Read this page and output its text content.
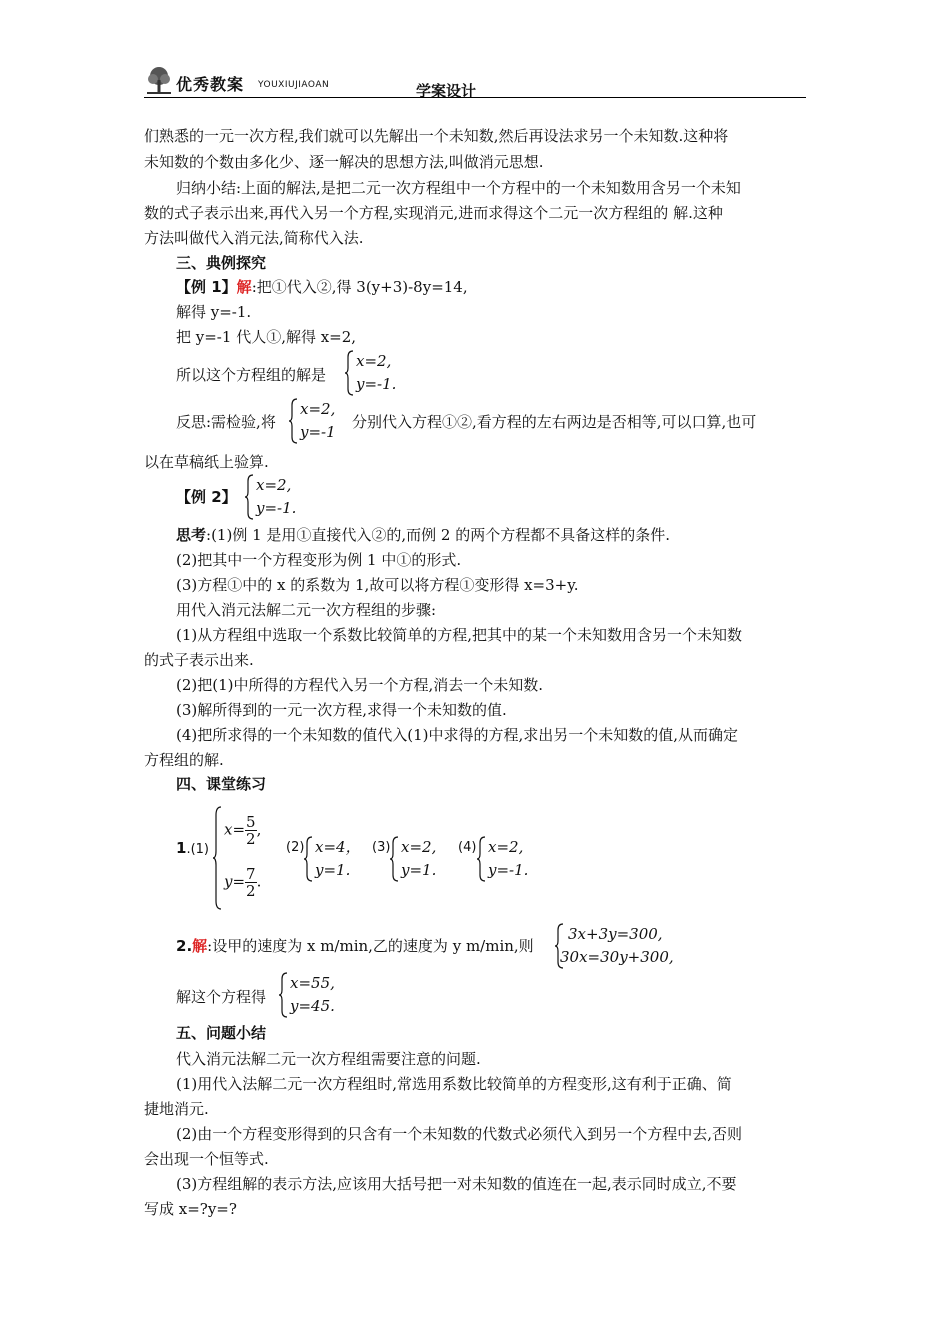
优秀教案 YOUXIUJIAOAN	学案设计
们熟悉的一元一次方程,我们就可以先解出一个未知数,然后再设法求另一个未知数.这种将
未知数的个数由多化少、逐一解决的思想方法,叫做消元思想.
归纳小结:上面的解法,是把二元一次方程组中一个方程中的一个未知数用含另一个未知
数的式子表示出来,再代入另一个方程,实现消元,进而求得这个二元一次方程组的 解.这种
方法叫做代入消元法,简称代入法.
三、典例探究
【例 1】解:把①代入②,得 3(y+3)-8y=14,
解得 y=-1.
把 y=-1 代人①,解得 x=2,
所以这个方程组的解是
x=2,
y=-1.
反思:需检验,将
x=2,
y=-1
分别代入方程①②,看方程的左右两边是否相等,可以口算,也可
以在草稿纸上验算.
【例 2】
x=2,
y=-1.
思考:(1)例 1 是用①直接代入②的,而例 2 的两个方程都不具备这样的条件.
(2)把其中一个方程变形为例 1 中①的形式.
(3)方程①中的 x 的系数为 1,故可以将方程①变形得 x=3+y.
用代入消元法解二元一次方程组的步骤:
(1)从方程组中选取一个系数比较简单的方程,把其中的某一个未知数用含另一个未知数
的式子表示出来.
(2)把(1)中所得的方程代入另一个方程,消去一个未知数.
(3)解所得到的一元一次方程,求得一个未知数的值.
(4)把所求得的一个未知数的值代入(1)中求得的方程,求出另一个未知数的值,从而确定
方程组的解.
四、课堂练习
1.(1)
$x= \frac{5}{2}$ ,
$y= \frac{7}{2}$ .
(2) x=4，
y=1.
(3) x=2,
y=1.
(4) x=2,
y=-1.
2.解:设甲的速度为 x m/min,乙的速度为 y m/min,则
3x+3y=300,
30x=30y+300,
解这个方程得
x=55,
y=45.
五、问题小结
代入消元法解二元一次方程组需要注意的问题.
(1)用代入法解二元一次方程组时,常选用系数比较简单的方程变形,这有利于正确、简
捷地消元.
(2)由一个方程变形得到的只含有一个未知数的代数式必须代入到另一个方程中去,否则
会出现一个恒等式.
(3)方程组解的表示方法,应该用大括号把一对未知数的值连在一起,表示同时成立,不要
写成 x=?y=?
